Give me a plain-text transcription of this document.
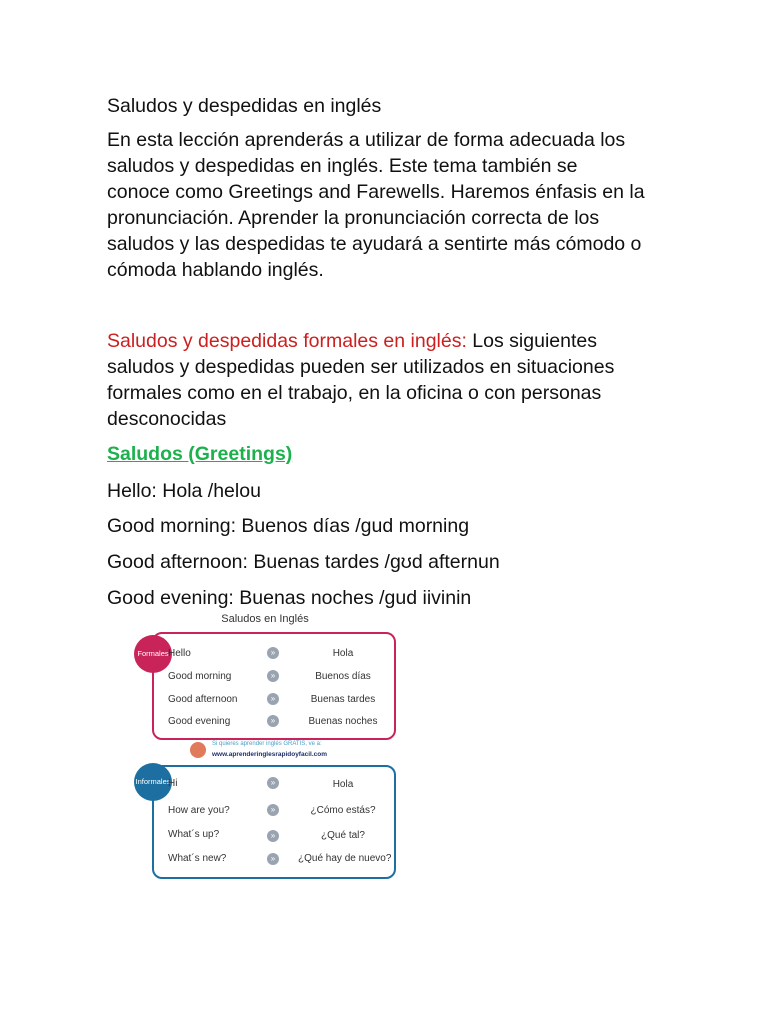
Saludos y despedidas en inglés
En esta lección aprenderás a utilizar de forma adecuada los
saludos y despedidas en inglés. Este tema también se
conoce como Greetings and Farewells. Haremos énfasis en la
pronunciación. Aprender la pronunciación correcta de los
saludos y las despedidas te ayudará a sentirte más cómodo o
cómoda hablando inglés.
Saludos y despedidas formales en inglés: Los siguientes
saludos y despedidas pueden ser utilizados en situaciones
formales como en el trabajo, en la oficina o con personas
desconocidas
Saludos (Greetings)
Hello: Hola /helou
Good morning: Buenos días /gud morning
Good afternoon: Buenas tardes /gʊd afternun
Good evening: Buenas noches /gud iivinin
Saludos en Inglés
Formales Hello	»	Hola
Good morning	»	Buenos días
Good afternoon	»	Buenas tardes
Good evening	»	Buenas noches
Si quieres aprender inglés GRATIS, ve a:
www.aprenderinglesrapidoyfacil.com
Informales
Hi	»	Hola
How are you?	»	¿Cómo estás?
What´s up?	»	¿Qué tal?
What´s new?	»	¿Qué hay de nuevo?
